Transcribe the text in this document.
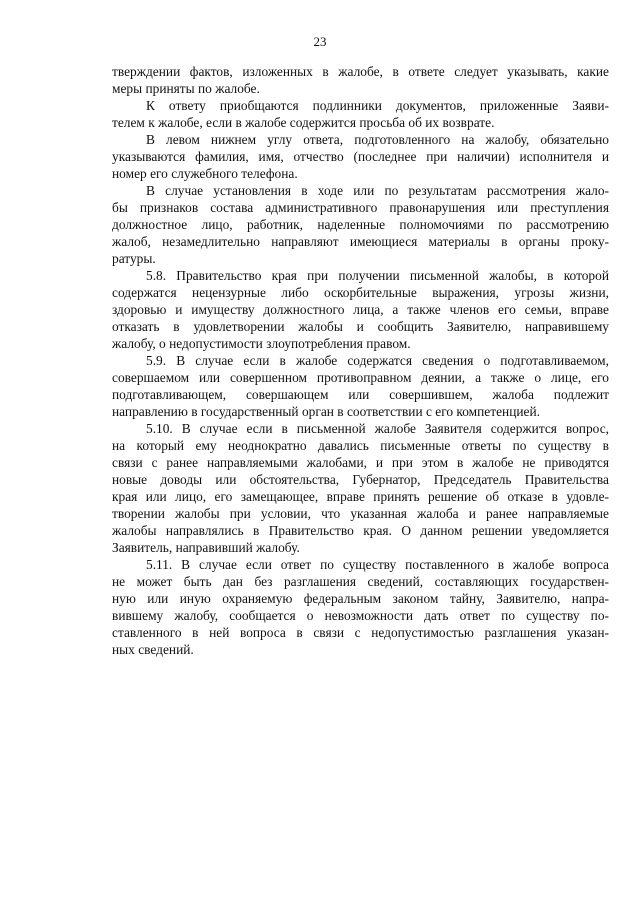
23
тверждении фактов, изложенных в жалобе, в ответе следует указывать, какие
меры приняты по жалобе.
К ответу приобщаются подлинники документов, приложенные Заяви-
телем к жалобе, если в жалобе содержится просьба об их возврате.
В левом нижнем углу ответа, подготовленного на жалобу, обязательно
указываются фамилия, имя, отчество (последнее при наличии) исполнителя и
номер его служебного телефона.
В случае установления в ходе или по результатам рассмотрения жало-
бы признаков состава административного правонарушения или преступления
должностное лицо, работник, наделенные полномочиями по рассмотрению
жалоб, незамедлительно направляют имеющиеся материалы в органы проку-
ратуры.
5.8. Правительство края при получении письменной жалобы, в которой
содержатся нецензурные либо оскорбительные выражения, угрозы жизни,
здоровью и имуществу должностного лица, а также членов его семьи, вправе
отказать в удовлетворении жалобы и сообщить Заявителю, направившему
жалобу, о недопустимости злоупотребления правом.
5.9. В случае если в жалобе содержатся сведения о подготавливаемом,
совершаемом или совершенном противоправном деянии, а также о лице, его
подготавливающем, совершающем или совершившем, жалоба подлежит
направлению в государственный орган в соответствии с его компетенцией.
5.10. В случае если в письменной жалобе Заявителя содержится вопрос,
на который ему неоднократно давались письменные ответы по существу в
связи с ранее направляемыми жалобами, и при этом в жалобе не приводятся
новые доводы или обстоятельства, Губернатор, Председатель Правительства
края или лицо, его замещающее, вправе принять решение об отказе в удовле-
творении жалобы при условии, что указанная жалоба и ранее направляемые
жалобы направлялись в Правительство края. О данном решении уведомляется
Заявитель, направивший жалобу.
5.11. В случае если ответ по существу поставленного в жалобе вопроса
не может быть дан без разглашения сведений, составляющих государствен-
ную или иную охраняемую федеральным законом тайну, Заявителю, напра-
вившему жалобу, сообщается о невозможности дать ответ по существу по-
ставленного в ней вопроса в связи с недопустимостью разглашения указан-
ных сведений.
